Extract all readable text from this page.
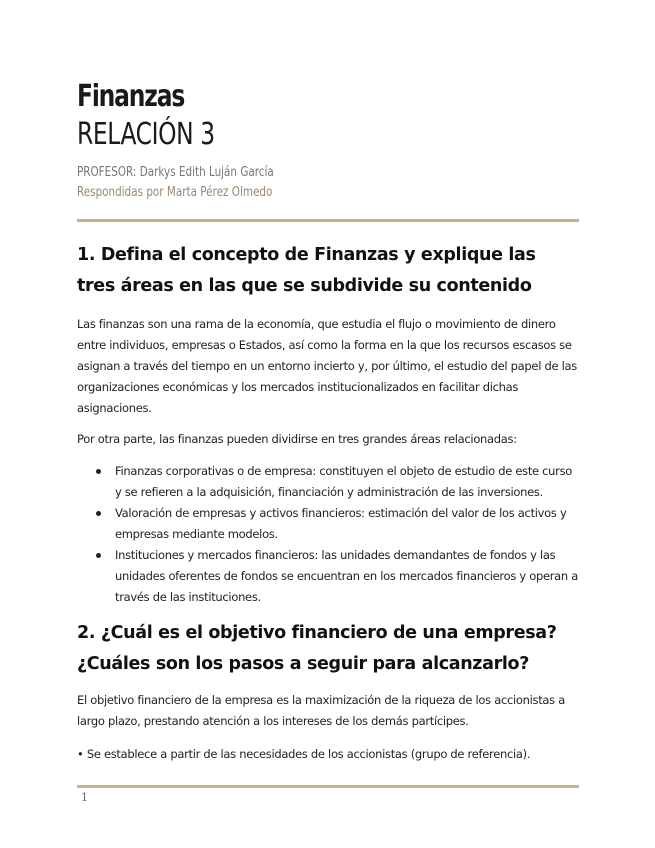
Finanzas
RELACIÓN 3
PROFESOR: Darkys Edith Luján García
Respondidas por Marta Pérez Olmedo
1. Defina el concepto de Finanzas y explique las tres áreas en las que se subdivide su contenido

Las finanzas son una rama de la economía, que estudia el flujo o movimiento de dinero entre individuos, empresas o Estados, así como la forma en la que los recursos escasos se asignan a través del tiempo en un entorno incierto y, por último, el estudio del papel de las organizaciones económicas y los mercados institucionalizados en facilitar dichas asignaciones.

Por otra parte, las finanzas pueden dividirse en tres grandes áreas relacionadas:

Finanzas corporativas o de empresa: constituyen el objeto de estudio de este curso y se refieren a la adquisición, financiación y administración de las inversiones.
Valoración de empresas y activos financieros: estimación del valor de los activos y empresas mediante modelos.
Instituciones y mercados financieros: las unidades demandantes de fondos y las unidades oferentes de fondos se encuentran en los mercados financieros y operan a través de las instituciones.
2. ¿Cuál es el objetivo financiero de una empresa? ¿Cuáles son los pasos a seguir para alcanzarlo?

El objetivo financiero de la empresa es la maximización de la riqueza de los accionistas a largo plazo, prestando atención a los intereses de los demás partícipes.

• Se establece a partir de las necesidades de los accionistas (grupo de referencia).

1
